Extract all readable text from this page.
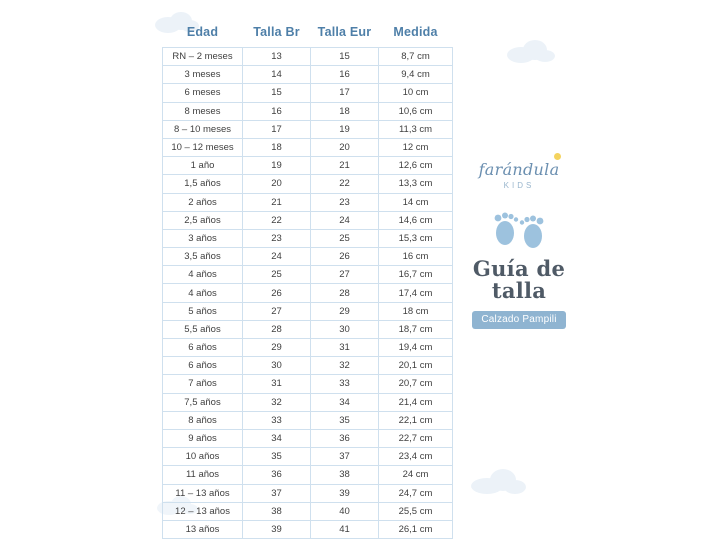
Edad	Talla Br	Talla Eur	Medida
RN – 2 meses	13	15	8,7 cm
3 meses	14	16	9,4 cm
6 meses	15	17	10 cm
8 meses	16	18	10,6 cm
8 – 10 meses	17	19	11,3 cm
10 – 12 meses	18	20	12 cm
1 año	19	21	12,6 cm
1,5 años	20	22	13,3 cm
2 años	21	23	14 cm
2,5 años	22	24	14,6 cm
3 años	23	25	15,3 cm
3,5 años	24	26	16 cm
4 años	25	27	16,7 cm
4 años	26	28	17,4 cm
5 años	27	29	18 cm
5,5 años	28	30	18,7 cm
6 años	29	31	19,4 cm
6 años	30	32	20,1 cm
7 años	31	33	20,7 cm
7,5 años	32	34	21,4 cm
8 años	33	35	22,1 cm
9 años	34	36	22,7 cm
10 años	35	37	23,4 cm
11 años	36	38	24 cm
11 – 13 años	37	39	24,7 cm
12 – 13 años	38	40	25,5 cm
13 años	39	41	26,1 cm
farándula
KIDS
Guía de
talla
Calzado Pampili
